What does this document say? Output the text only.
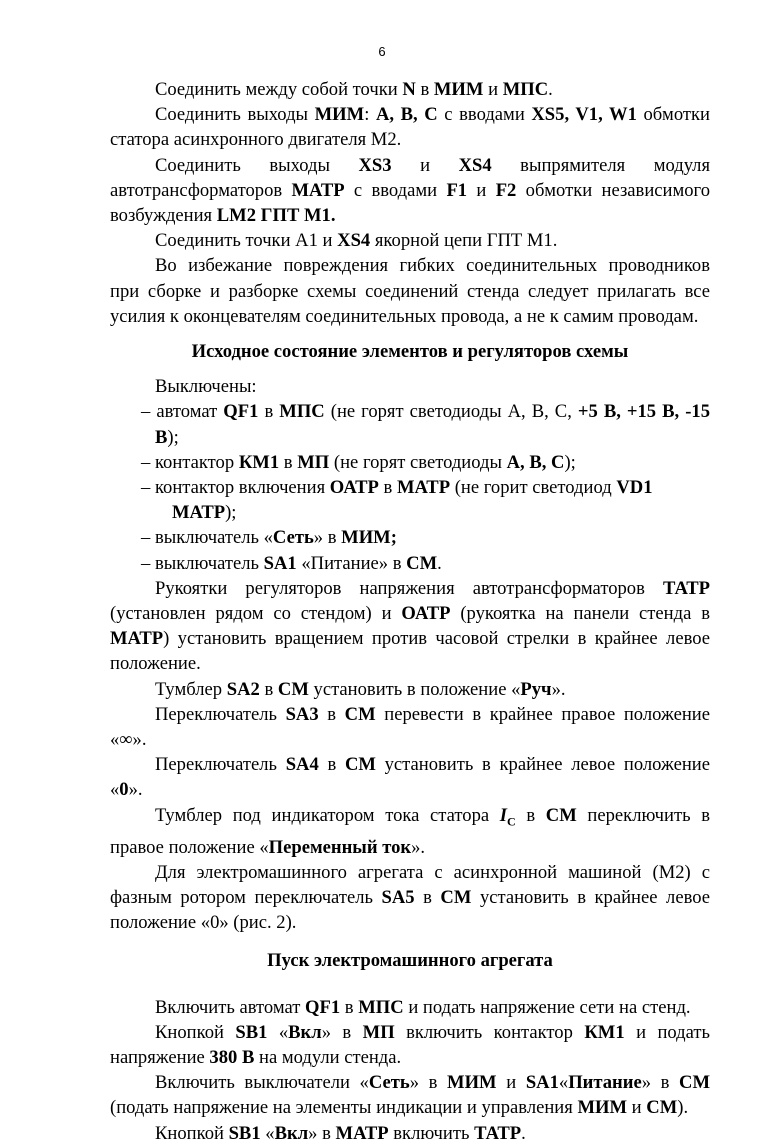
6

Соединить между собой точки N в МИМ и МПС.

Соединить выходы МИМ: А, В, С с вводами XS5, V1, W1 обмотки статора асинхронного двигателя М2.

Соединить выходы XS3 и XS4 выпрямителя модуля автотрансформаторов МАТР с вводами F1 и F2 обмотки независимого возбуждения LM2 ГПТ М1.

Соединить точки А1 и XS4 якорной цепи ГПТ М1.

Во избежание повреждения гибких соединительных проводников при сборке и разборке схемы соединений стенда следует прилагать все усилия к оконцевателям соединительных провода, а не к самим проводам.

Исходное состояние элементов и регуляторов схемы

Выключены:

– автомат QF1 в МПС (не горят светодиоды А, В, С, +5 В, +15 В, -15 В);

– контактор КМ1 в МП (не горят светодиоды А, В, С);

– контактор включения ОАТР в МАТР (не горит светодиод VD1

МАТР);

– выключатель «Сеть» в МИМ;

– выключатель SA1 «Питание» в СМ.

Рукоятки регуляторов напряжения автотрансформаторов ТАТР (установлен рядом со стендом) и ОАТР (рукоятка на панели стенда в МАТР) установить вращением против часовой стрелки в крайнее левое положение.

Тумблер SA2 в СМ установить в положение «Руч».

Переключатель SA3 в СМ перевести в крайнее правое положение «∞».

Переключатель SA4 в СМ установить в крайнее левое положение «0».

Тумблер под индикатором тока статора $I_C$ в СМ переключить в правое положение «Переменный ток».

Для электромашинного агрегата с асинхронной машиной (М2) с фазным ротором переключатель SA5 в СМ установить в крайнее левое положение «0» (рис. 2).

Пуск электромашинного агрегата

Включить автомат QF1 в МПС и подать напряжение сети на стенд.

Кнопкой SB1 «Вкл» в МП включить контактор КМ1 и подать напряжение 380 В на модули стенда.

Включить выключатели «Сеть» в МИМ и SA1«Питание» в СМ (подать напряжение на элементы индикации и управления МИМ и СМ).

Кнопкой SB1 «Вкл» в МАТР включить ТАТР.
